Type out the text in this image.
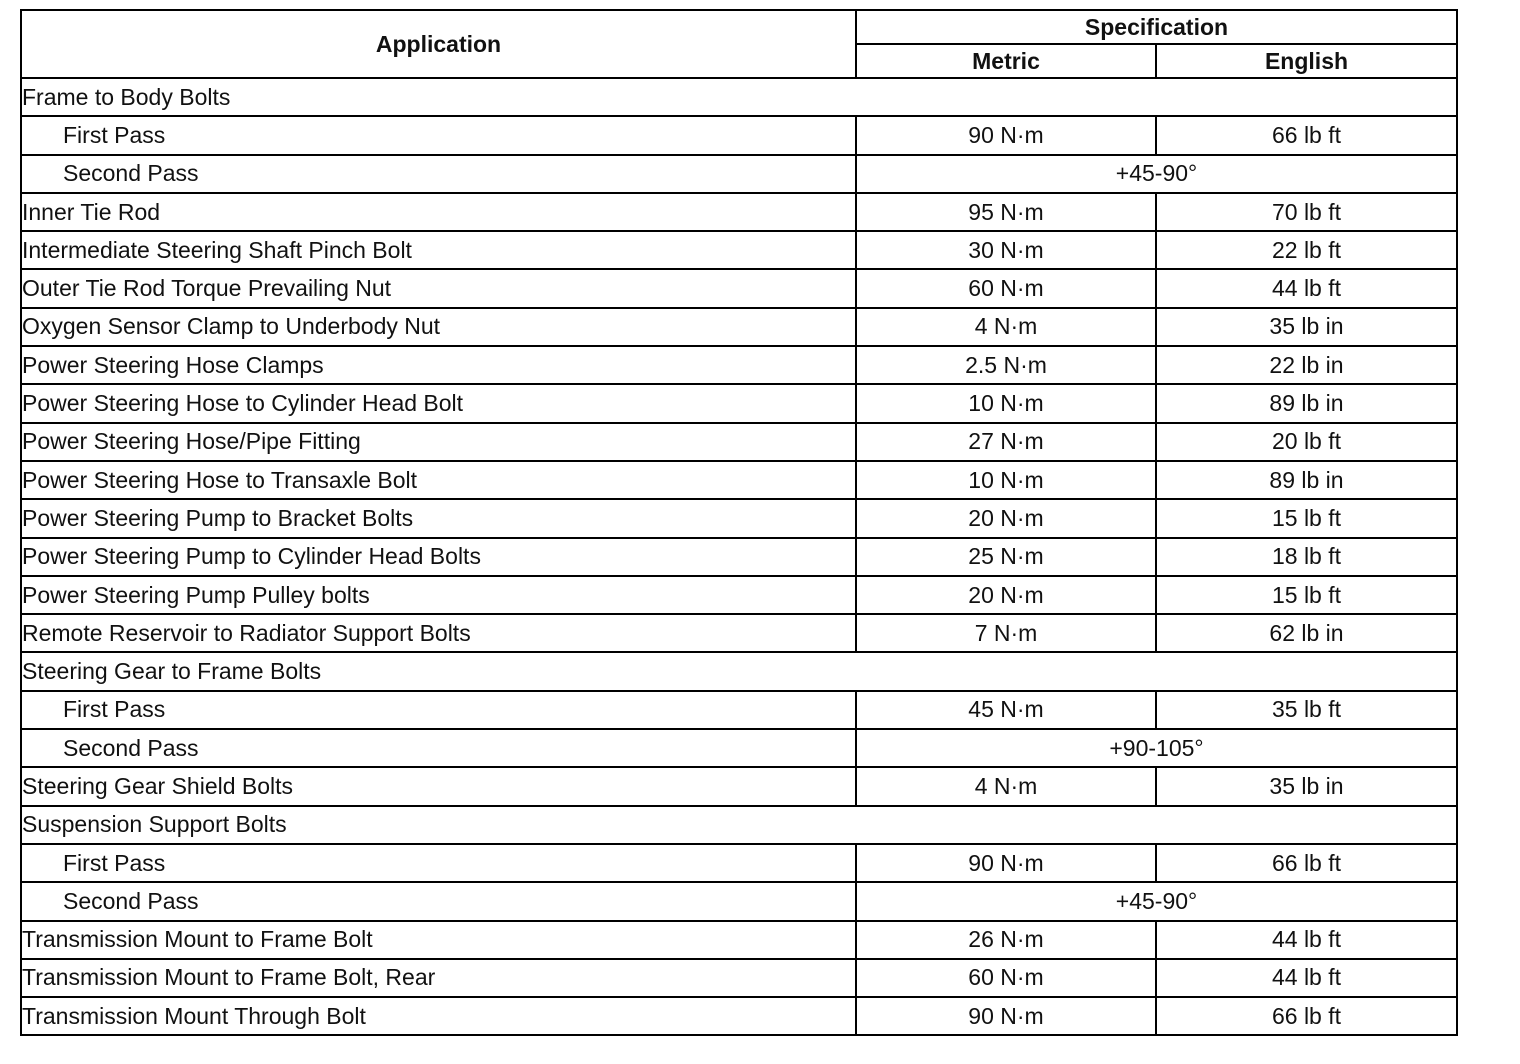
Application	Specification	
	Metric	English
Frame to Body Bolts		
First Pass	90 N·m	66 lb ft
Second Pass	+45-90°	
Inner Tie Rod	95 N·m	70 lb ft
Intermediate Steering Shaft Pinch Bolt	30 N·m	22 lb ft
Outer Tie Rod Torque Prevailing Nut	60 N·m	44 lb ft
Oxygen Sensor Clamp to Underbody Nut	4 N·m	35 lb in
Power Steering Hose Clamps	2.5 N·m	22 lb in
Power Steering Hose to Cylinder Head Bolt	10 N·m	89 lb in
Power Steering Hose/Pipe Fitting	27 N·m	20 lb ft
Power Steering Hose to Transaxle Bolt	10 N·m	89 lb in
Power Steering Pump to Bracket Bolts	20 N·m	15 lb ft
Power Steering Pump to Cylinder Head Bolts	25 N·m	18 lb ft
Power Steering Pump Pulley bolts	20 N·m	15 lb ft
Remote Reservoir to Radiator Support Bolts	7 N·m	62 lb in
Steering Gear to Frame Bolts		
First Pass	45 N·m	35 lb ft
Second Pass	+90-105°	
Steering Gear Shield Bolts	4 N·m	35 lb in
Suspension Support Bolts		
First Pass	90 N·m	66 lb ft
Second Pass	+45-90°	
Transmission Mount to Frame Bolt	26 N·m	44 lb ft
Transmission Mount to Frame Bolt, Rear	60 N·m	44 lb ft
Transmission Mount Through Bolt	90 N·m	66 lb ft
